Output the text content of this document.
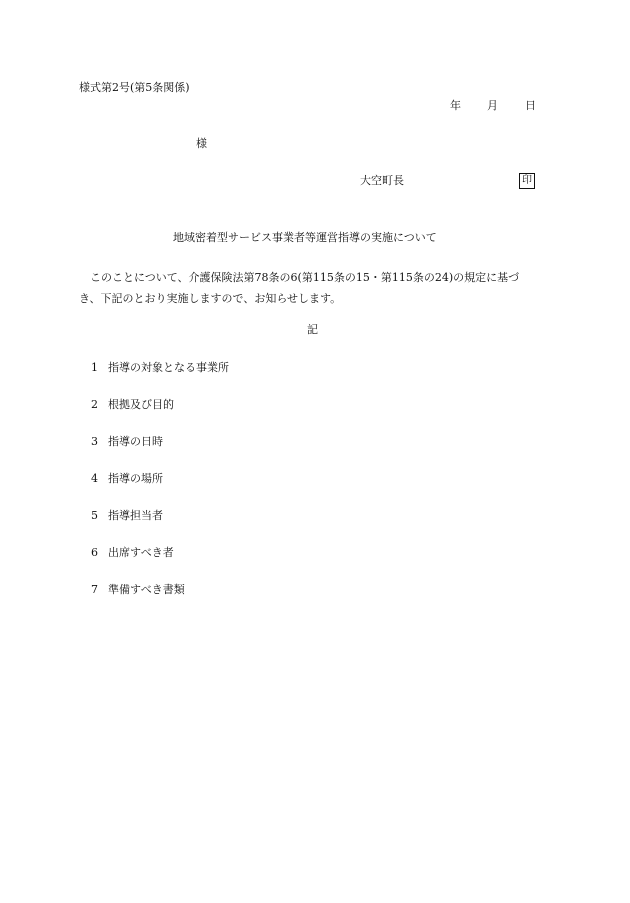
様式第2号(第5条関係)
年 月 日
様
大空町長	印
地域密着型サービス事業者等運営指導の実施について
このことについて、介護保険法第78条の6(第115条の15・第115条の24)の規定に基づき、下記のとおり実施しますので、お知らせします。
記
1 指導の対象となる事業所
2 根拠及び目的
3 指導の日時
4 指導の場所
5 指導担当者
6 出席すべき者
7 準備すべき書類
